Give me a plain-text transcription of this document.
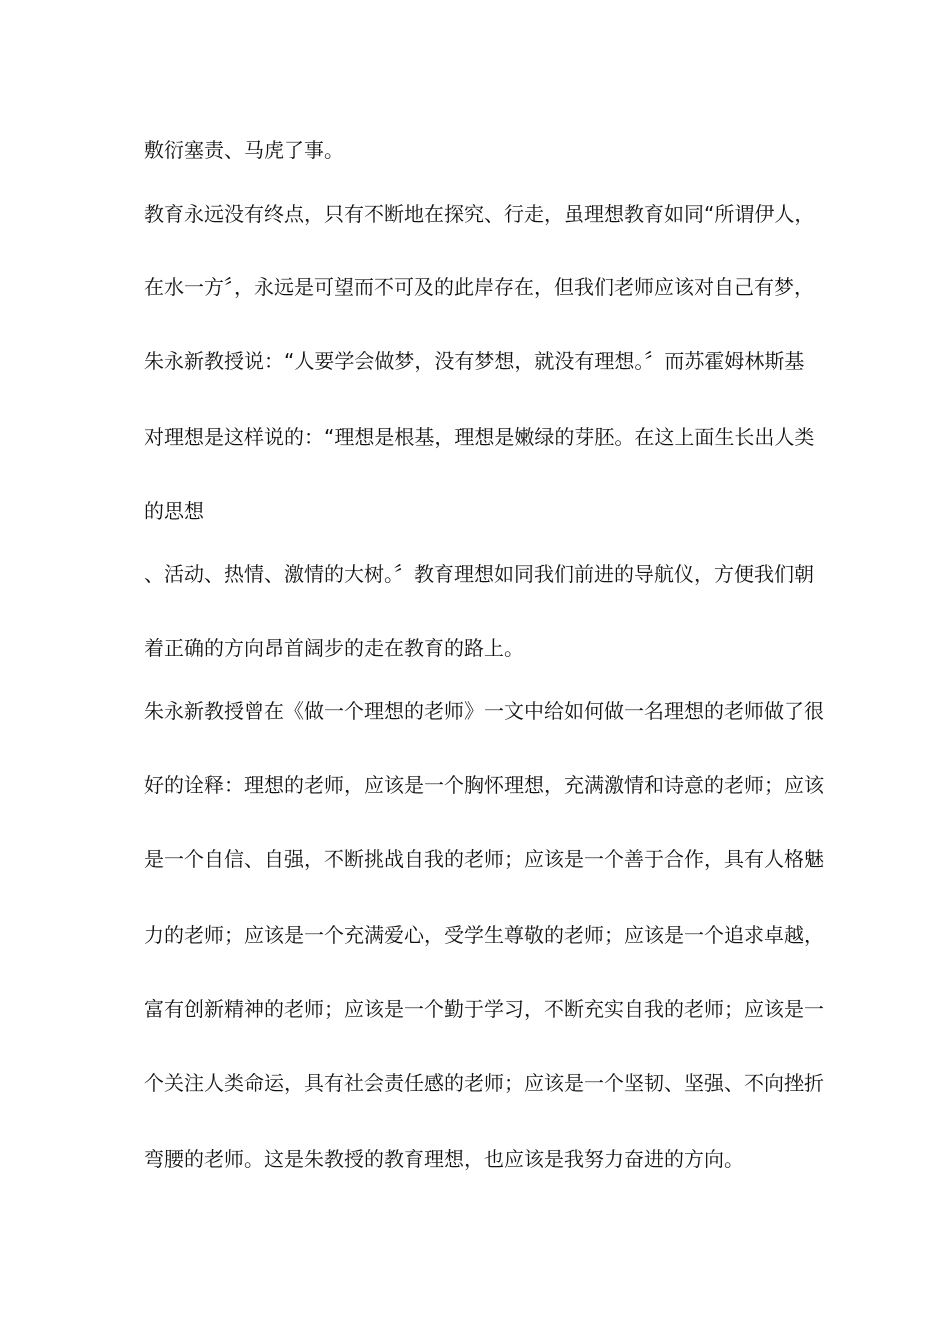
敷衍塞责、马虎了事。
教育永远没有终点，只有不断地在探究、行走，虽理想教育如同“所谓伊人，
在水一方〞，永远是可望而不可及的此岸存在，但我们老师应该对自己有梦，
朱永新教授说：“人要学会做梦，没有梦想，就没有理想。〞而苏霍姆林斯基
对理想是这样说的：“理想是根基，理想是嫩绿的芽胚。在这上面生长出人类
的思想
、活动、热情、激情的大树。〞教育理想如同我们前进的导航仪，方便我们朝
着正确的方向昂首阔步的走在教育的路上。
朱永新教授曾在《做一个理想的老师》一文中给如何做一名理想的老师做了很
好的诠释：理想的老师，应该是一个胸怀理想，充满激情和诗意的老师；应该
是一个自信、自强，不断挑战自我的老师；应该是一个善于合作，具有人格魅
力的老师；应该是一个充满爱心，受学生尊敬的老师；应该是一个追求卓越，
富有创新精神的老师；应该是一个勤于学习，不断充实自我的老师；应该是一
个关注人类命运，具有社会责任感的老师；应该是一个坚韧、坚强、不向挫折
弯腰的老师。这是朱教授的教育理想，也应该是我努力奋进的方向。
